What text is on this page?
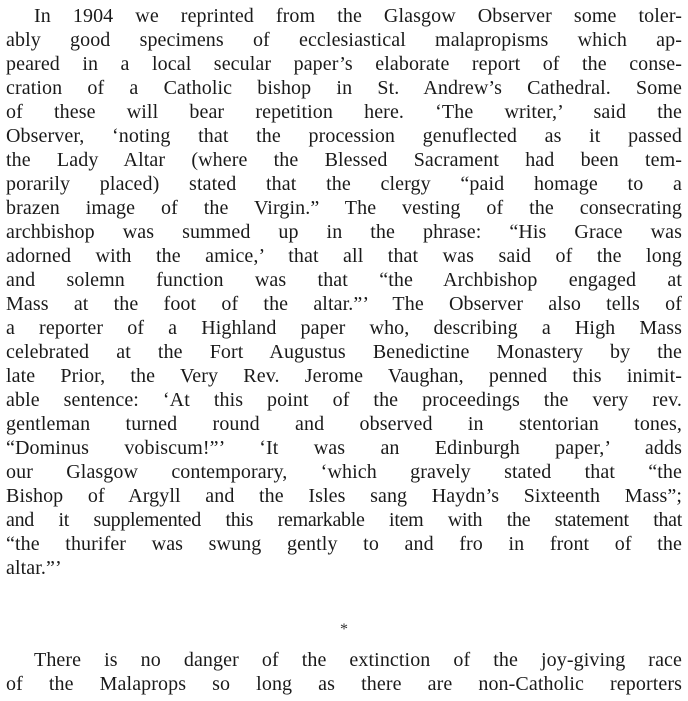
In 1904 we reprinted from the Glasgow Observer some toler-
ably good specimens of ecclesiastical malapropisms which ap-
peared in a local secular paper’s elaborate report of the conse-
cration of a Catholic bishop in St. Andrew’s Cathedral. Some
of these will bear repetition here. ‘The writer,’ said the
Observer, ‘noting that the procession genuflected as it passed
the Lady Altar (where the Blessed Sacrament had been tem-
porarily placed) stated that the clergy “paid homage to a
brazen image of the Virgin.” The vesting of the consecrating
archbishop was summed up in the phrase: “His Grace was
adorned with the amice,’ that all that was said of the long
and solemn function was that “the Archbishop engaged at
Mass at the foot of the altar.”’ The Observer also tells of
a reporter of a Highland paper who, describing a High Mass
celebrated at the Fort Augustus Benedictine Monastery by the
late Prior, the Very Rev. Jerome Vaughan, penned this inimit-
able sentence: ‘At this point of the proceedings the very rev.
gentleman turned round and observed in stentorian tones,
“Dominus vobiscum!”’ ‘It was an Edinburgh paper,’ adds
our Glasgow contemporary, ‘which gravely stated that “the
Bishop of Argyll and the Isles sang Haydn’s Sixteenth Mass”;
and it supplemented this remarkable item with the statement that
“the thurifer was swung gently to and fro in front of the
altar.”’
*
There is no danger of the extinction of the joy-giving race
of the Malaprops so long as there are non-Catholic reporters
